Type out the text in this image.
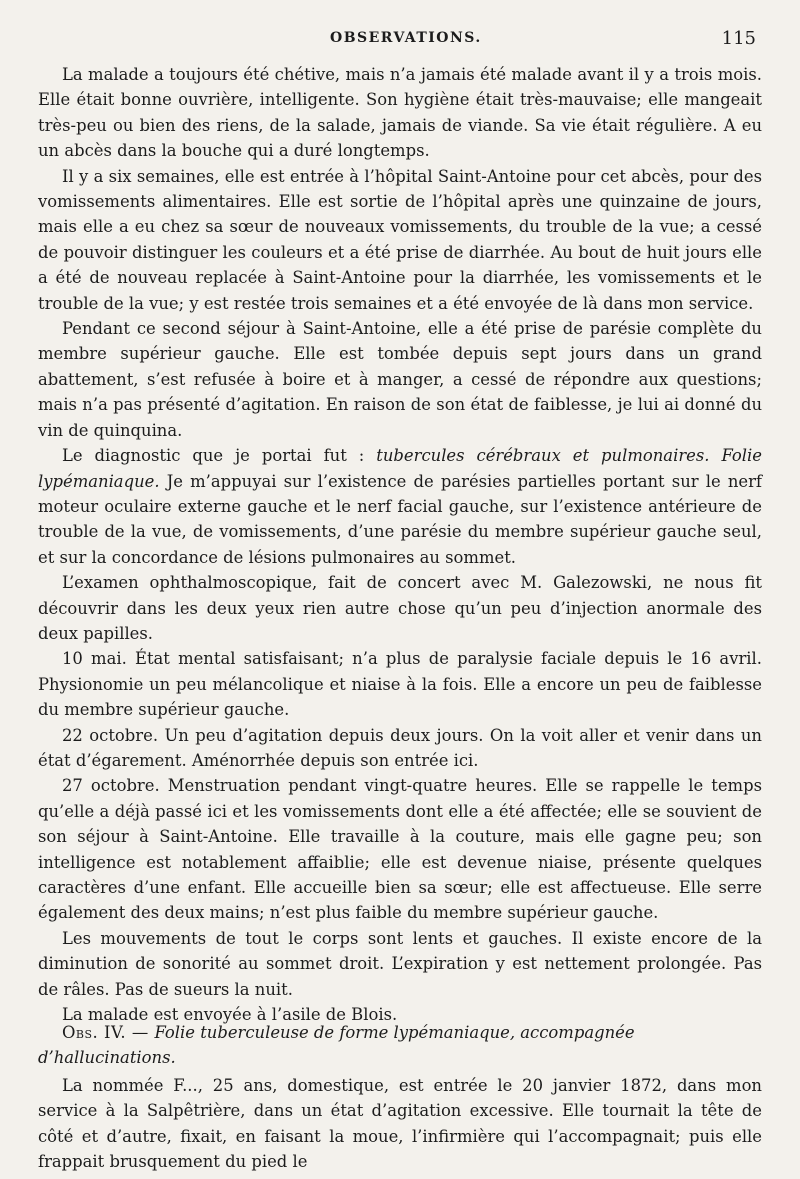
OBSERVATIONS.	115

La malade a toujours été chétive, mais n’a jamais été malade avant il y a trois mois. Elle était bonne ouvrière, intelligente. Son hygiène était très-mauvaise; elle mangeait très-peu ou bien des riens, de la salade, jamais de viande. Sa vie était régulière. A eu un abcès dans la bouche qui a duré longtemps.

Il y a six semaines, elle est entrée à l’hôpital Saint-Antoine pour cet abcès, pour des vomissements alimentaires. Elle est sortie de l’hôpital après une quinzaine de jours, mais elle a eu chez sa sœur de nouveaux vomissements, du trouble de la vue; a cessé de pouvoir distinguer les couleurs et a été prise de diarrhée. Au bout de huit jours elle a été de nouveau replacée à Saint-Antoine pour la diarrhée, les vomissements et le trouble de la vue; y est restée trois semaines et a été envoyée de là dans mon service.

Pendant ce second séjour à Saint-Antoine, elle a été prise de parésie complète du membre supérieur gauche. Elle est tombée depuis sept jours dans un grand abattement, s’est refusée à boire et à manger, a cessé de répondre aux questions; mais n’a pas présenté d’agitation. En raison de son état de faiblesse, je lui ai donné du vin de quinquina.

Le diagnostic que je portai fut : tubercules cérébraux et pulmonaires. Folie lypémaniaque. Je m’appuyai sur l’existence de parésies partielles portant sur le nerf moteur oculaire externe gauche et le nerf facial gauche, sur l’existence antérieure de trouble de la vue, de vomissements, d’une parésie du membre supérieur gauche seul, et sur la concordance de lésions pulmonaires au sommet.

L’examen ophthalmoscopique, fait de concert avec M. Galezowski, ne nous fit découvrir dans les deux yeux rien autre chose qu’un peu d’injection anormale des deux papilles.

10 mai. État mental satisfaisant; n’a plus de paralysie faciale depuis le 16 avril. Physionomie un peu mélancolique et niaise à la fois. Elle a encore un peu de faiblesse du membre supérieur gauche.

22 octobre. Un peu d’agitation depuis deux jours. On la voit aller et venir dans un état d’égarement. Aménorrhée depuis son entrée ici.

27 octobre. Menstruation pendant vingt-quatre heures. Elle se rappelle le temps qu’elle a déjà passé ici et les vomissements dont elle a été affectée; elle se souvient de son séjour à Saint-Antoine. Elle travaille à la couture, mais elle gagne peu; son intelligence est notablement affaiblie; elle est devenue niaise, présente quelques caractères d’une enfant. Elle accueille bien sa sœur; elle est affectueuse. Elle serre également des deux mains; n’est plus faible du membre supérieur gauche.

Les mouvements de tout le corps sont lents et gauches. Il existe encore de la diminution de sonorité au sommet droit. L’expiration y est nettement prolongée. Pas de râles. Pas de sueurs la nuit.

La malade est envoyée à l’asile de Blois.

Obs. IV. — Folie tuberculeuse de forme lypémaniaque, accompagnée d’hallucinations.

La nommée F..., 25 ans, domestique, est entrée le 20 janvier 1872, dans mon service à la Salpêtrière, dans un état d’agitation excessive. Elle tournait la tête de côté et d’autre, fixait, en faisant la moue, l’infirmière qui l’accompagnait; puis elle frappait brusquement du pied le
